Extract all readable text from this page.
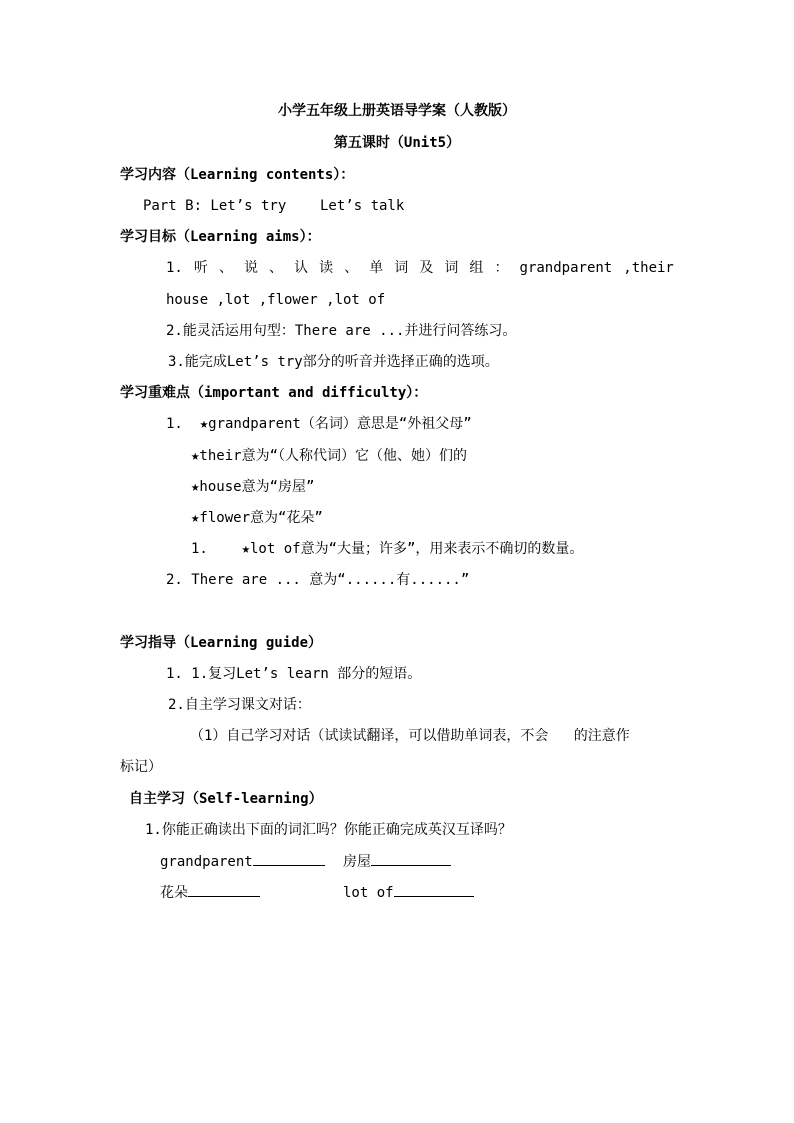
小学五年级上册英语导学案（人教版）
第五课时（Unit5）
学习内容（Learning contents）：
Part B: Let’s try    Let’s talk
学习目标（Learning aims）：
1. 听 、 说 、 认 读 、 单 词 及 词 组 ： grandparent ,their
house ,lot ,flower ,lot of
2.能灵活运用句型：There are ...并进行问答练习。
3.能完成Let’s try部分的听音并选择正确的选项。
学习重难点（important and difficulty）：
1.  ★grandparent（名词）意思是“外祖父母”
★their意为“（人称代词）它（他、她）们的
★house意为“房屋”
★flower意为“花朵”
1.    ★lot of意为“大量；许多”，用来表示不确切的数量。
2. There are ... 意为“......有......”
学习指导（Learning guide）
1. 1.复习Let’s learn 部分的短语。
2.自主学习课文对话：
（1）自己学习对话（试读试翻译，可以借助单词表，不会   的注意作
标记）
自主学习（Self-learning）
1.你能正确读出下面的词汇吗？你能正确完成英汉互译吗？
grandparent	房屋
花朵	lot of
